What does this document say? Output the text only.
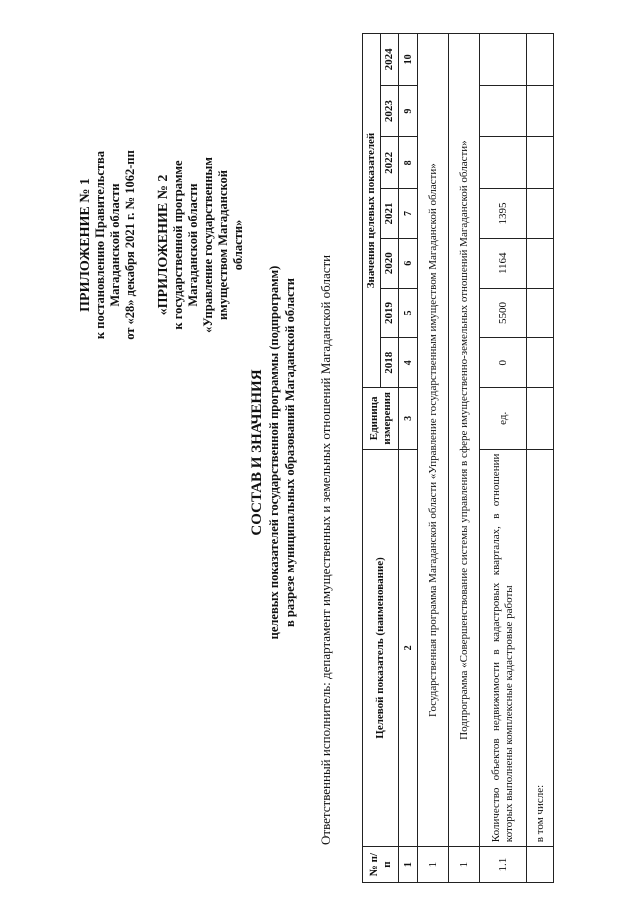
ПРИЛОЖЕНИЕ № 1 к постановлению Правительства Магаданской области от «28» декабря 2021 г. № 1062-пп «ПРИЛОЖЕНИЕ № 2 к государственной программе Магаданской области «Управление государственным имуществом Магаданской области»
СОСТАВ И ЗНАЧЕНИЯ целевых показателей государственной программы (подпрограмм) в разрезе муниципальных образований Магаданской области Ответственный исполнитель: департамент имущественных и земельных отношений Магаданской области
№ п/п	Целевой показатель (наименование)	Единица измерения	Значения целевых показателей						
			2018	2019	2020	2021	2022	2023	2024
1	2	3	4	5	6	7	8	9	10
1	Государственная программа Магаданской области «Управление государственным имуществом Магаданской области»								
1	Подпрограмма «Совершенствование системы управления в сфере имущественно-земельных отношений Магаданской области»								
1.1	Количество объектов недвижимости в кадастровых кварталах, в отношении которых выполнены комплексные кадастровые работы	ед.	0	5500	1164	1395			
	в том числе:								
